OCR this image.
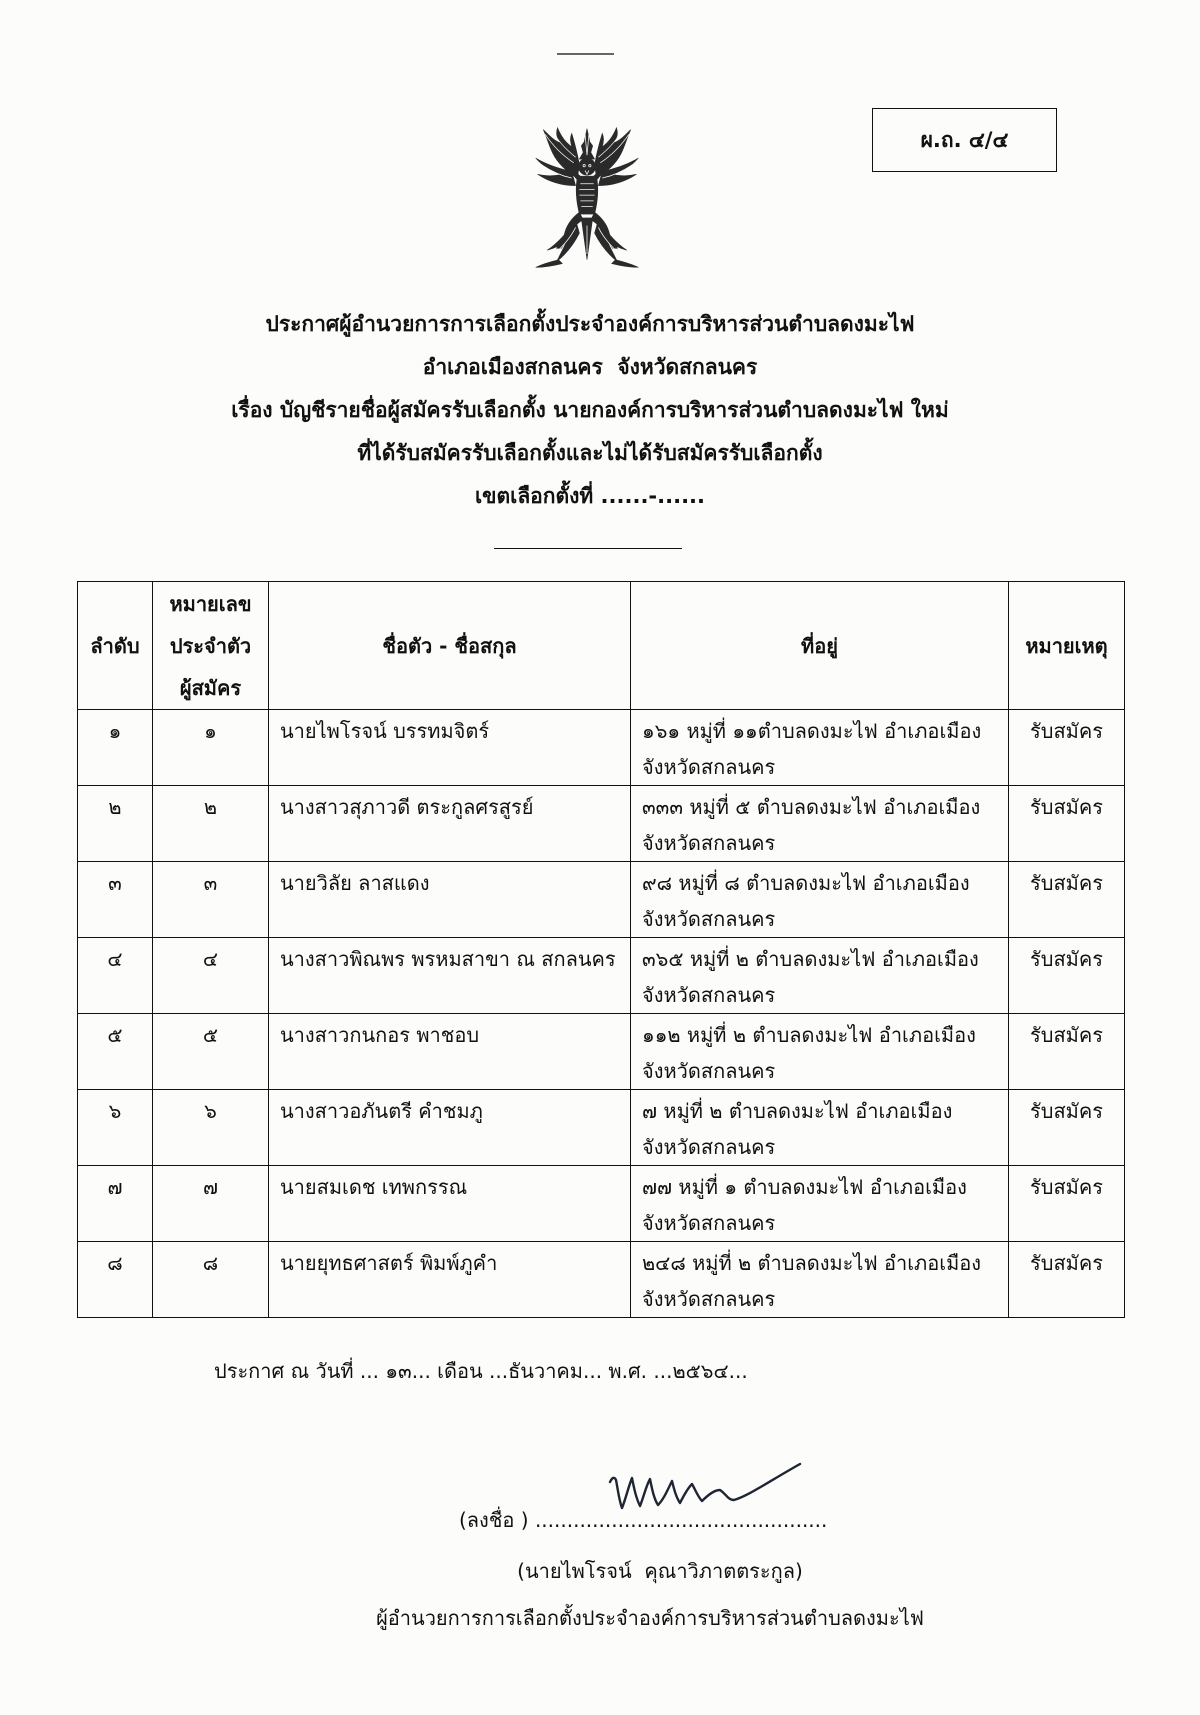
ผ.ถ. ๔/๔
ประกาศผู้อำนวยการการเลือกตั้งประจำองค์การบริหารส่วนตำบลดงมะไฟ
อำเภอเมืองสกลนคร  จังหวัดสกลนคร
เรื่อง บัญชีรายชื่อผู้สมัครรับเลือกตั้ง นายกองค์การบริหารส่วนตำบลดงมะไฟ ใหม่
ที่ได้รับสมัครรับเลือกตั้งและไม่ได้รับสมัครรับเลือกตั้ง
เขตเลือกตั้งที่ ......-......
ลำดับ	หมายเลข
ประจำตัว
ผู้สมัคร	ชื่อตัว - ชื่อสกุล	ที่อยู่	หมายเหตุ
๑	๑	นายไพโรจน์ บรรทมจิตร์	๑๖๑ หมู่ที่ ๑๑ตำบลดงมะไฟ อำเภอเมือง
จังหวัดสกลนคร	รับสมัคร
๒	๒	นางสาวสุภาวดี ตระกูลศรสูรย์	๓๓๓ หมู่ที่ ๕ ตำบลดงมะไฟ อำเภอเมือง
จังหวัดสกลนคร	รับสมัคร
๓	๓	นายวิลัย ลาสแดง	๙๘ หมู่ที่ ๘ ตำบลดงมะไฟ อำเภอเมือง
จังหวัดสกลนคร	รับสมัคร
๔	๔	นางสาวพิณพร พรหมสาขา ณ สกลนคร	๓๖๕ หมู่ที่ ๒ ตำบลดงมะไฟ อำเภอเมือง
จังหวัดสกลนคร	รับสมัคร
๕	๕	นางสาวกนกอร พาชอบ	๑๑๒ หมู่ที่ ๒ ตำบลดงมะไฟ อำเภอเมือง
จังหวัดสกลนคร	รับสมัคร
๖	๖	นางสาวอภันตรี คำชมภู	๗ หมู่ที่ ๒ ตำบลดงมะไฟ อำเภอเมือง
จังหวัดสกลนคร	รับสมัคร
๗	๗	นายสมเดช เทพกรรณ	๗๗ หมู่ที่ ๑ ตำบลดงมะไฟ อำเภอเมือง
จังหวัดสกลนคร	รับสมัคร
๘	๘	นายยุทธศาสตร์ พิมพ์ภูคำ	๒๔๘ หมู่ที่ ๒ ตำบลดงมะไฟ อำเภอเมือง
จังหวัดสกลนคร	รับสมัคร
ประกาศ ณ วันที่ ... ๑๓... เดือน ...ธันวาคม... พ.ศ. ...๒๕๖๔...
(ลงชื่อ ) ..............................................
(นายไพโรจน์  คุณาวิภาตตระกูล)
ผู้อำนวยการการเลือกตั้งประจำองค์การบริหารส่วนตำบลดงมะไฟ
